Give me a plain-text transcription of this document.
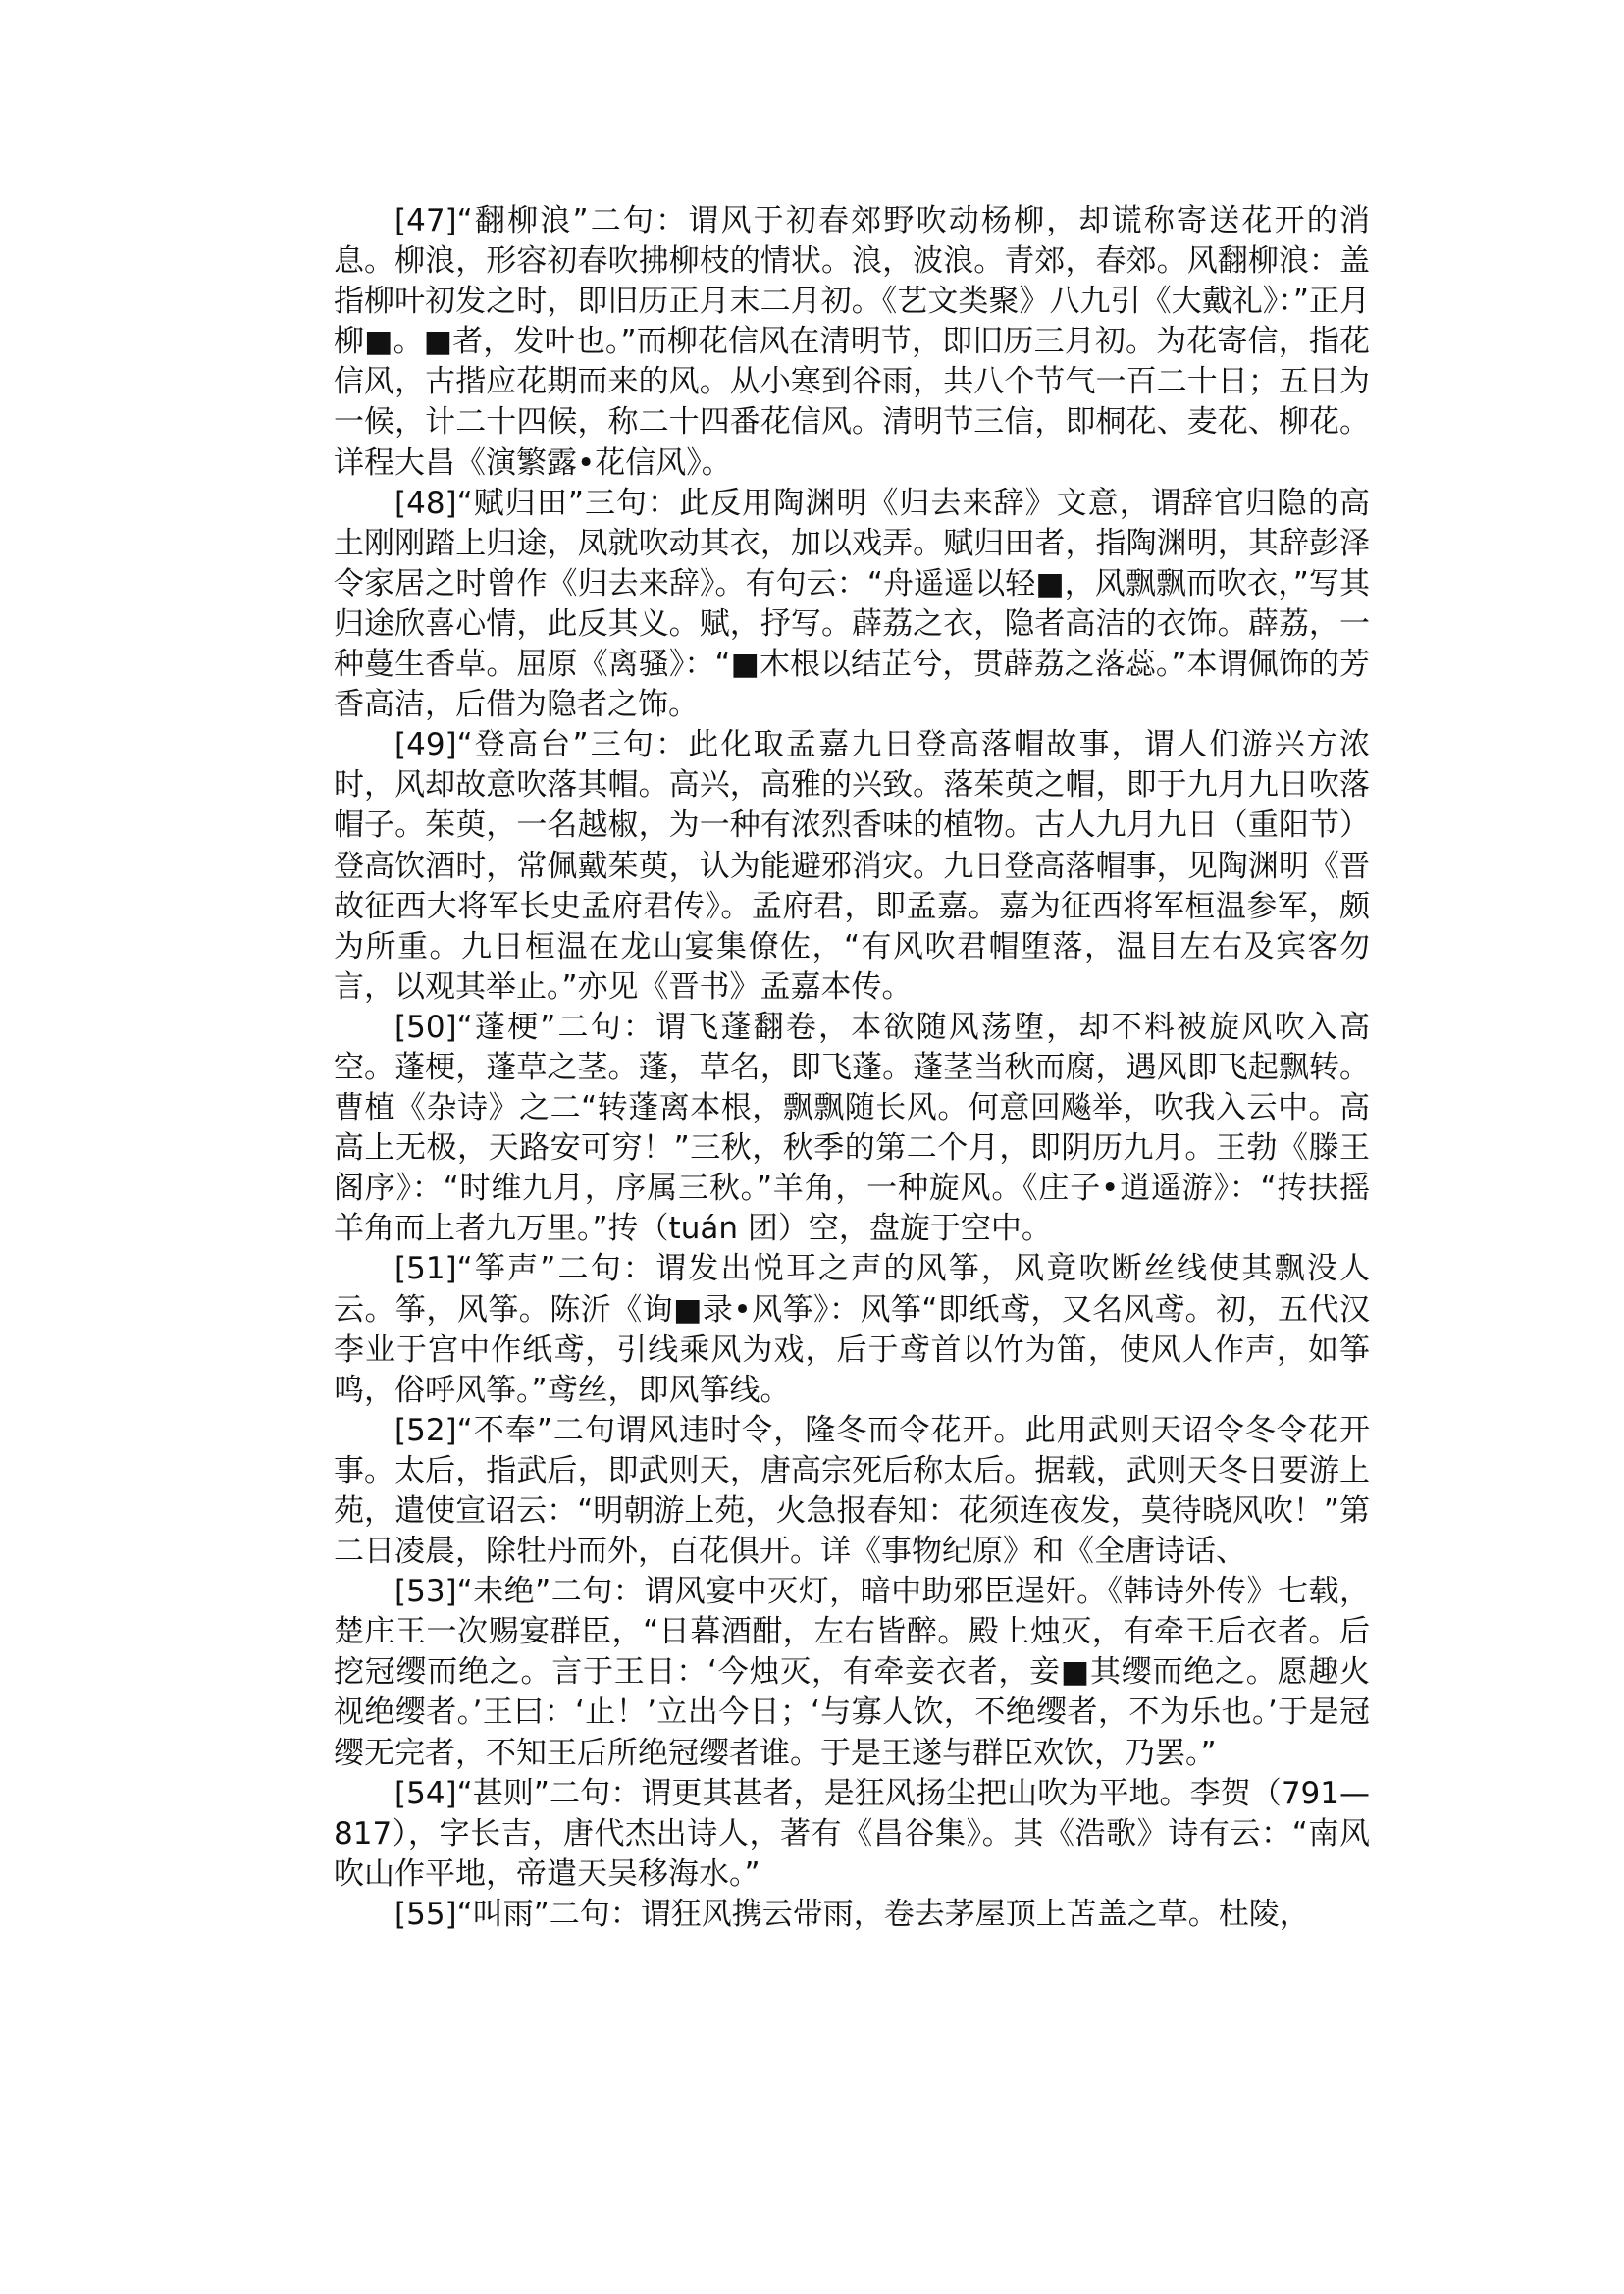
[47]“翻柳浪”二句：谓风于初春郊野吹动杨柳，却谎称寄送花开的消息。柳浪，形容初春吹拂柳枝的情状。浪，波浪。青郊，春郊。风翻柳浪：盖指柳叶初发之时，即旧历正月末二月初。《艺文类聚》八九引《大戴礼》：”正月柳■。■者，发叶也。”而柳花信风在清明节，即旧历三月初。为花寄信，指花信风，古揩应花期而来的风。从小寒到谷雨，共八个节气一百二十日；五日为一候，计二十四候，称二十四番花信风。清明节三信，即桐花、麦花、柳花。详程大昌《演繁露•花信风》。

[48]“赋归田”三句：此反用陶渊明《归去来辞》文意，谓辞官归隐的高土刚刚踏上归途，凤就吹动其衣，加以戏弄。赋归田者，指陶渊明，其辞彭泽令家居之时曾作《归去来辞》。有句云：“舟遥遥以轻■，风飘飘而吹衣，”写其归途欣喜心情，此反其义。赋，抒写。薜荔之衣，隐者高洁的衣饰。薜荔，一种蔓生香草。屈原《离骚》：“■木根以结芷兮，贯薜荔之落蕊。”本谓佩饰的芳香高洁，后借为隐者之饰。

[49]“登高台”三句：此化取孟嘉九日登高落帽故事，谓人们游兴方浓时，风却故意吹落其帽。高兴，高雅的兴致。落茱萸之帽，即于九月九日吹落帽子。茱萸，一名越椒，为一种有浓烈香味的植物。古人九月九日（重阳节）登高饮酒时，常佩戴茱萸，认为能避邪消灾。九日登高落帽事，见陶渊明《晋故征西大将军长史孟府君传》。孟府君，即孟嘉。嘉为征西将军桓温参军，颇为所重。九日桓温在龙山宴集僚佐，“有风吹君帽堕落，温目左右及宾客勿言，以观其举止。”亦见《晋书》孟嘉本传。

[50]“蓬梗”二句：谓飞蓬翻卷，本欲随风荡堕，却不料被旋风吹入高空。蓬梗，蓬草之茎。蓬，草名，即飞蓬。蓬茎当秋而腐，遇风即飞起飘转。曹植《杂诗》之二“转蓬离本根，飘飘随长风。何意回飚举，吹我入云中。高高上无极，天路安可穷！”三秋，秋季的第二个月，即阴历九月。王勃《滕王阁序》：“时维九月，序属三秋。”羊角，一种旋风。《庄子•逍遥游》：“抟扶摇羊角而上者九万里。”抟（tuán 团）空，盘旋于空中。

[51]“筝声”二句：谓发出悦耳之声的风筝，风竟吹断丝线使其飘没人云。筝，风筝。陈沂《询■录•风筝》：风筝“即纸鸢，又名风鸢。初，五代汉李业于宫中作纸鸢，引线乘风为戏，后于鸢首以竹为笛，使风人作声，如筝鸣，俗呼风筝。”鸢丝，即风筝线。

[52]“不奉”二句谓风违时令，隆冬而令花开。此用武则天诏令冬令花开事。太后，指武后，即武则天，唐高宗死后称太后。据载，武则天冬日要游上苑，遣使宣诏云：“明朝游上苑，火急报春知：花须连夜发，莫待晓风吹！”第二日凌晨，除牡丹而外，百花俱开。详《事物纪原》和《全唐诗话、

[53]“未绝”二句：谓风宴中灭灯，暗中助邪臣逞奸。《韩诗外传》七载，楚庄王一次赐宴群臣，“日暮酒酣，左右皆醉。殿上烛灭，有牵王后衣者。后挖冠缨而绝之。言于王日：‘今烛灭，有牵妾衣者，妾■其缨而绝之。愿趣火视绝缨者。’王曰：‘止！’立出今日；‘与寡人饮，不绝缨者，不为乐也。’于是冠缨无完者，不知王后所绝冠缨者谁。于是王遂与群臣欢饮，乃罢。”

[54]“甚则”二句：谓更其甚者，是狂风扬尘把山吹为平地。李贺（791—817），字长吉，唐代杰出诗人，著有《昌谷集》。其《浩歌》诗有云：“南风吹山作平地，帝遣天吴移海水。”

[55]“叫雨”二句：谓狂风携云带雨，卷去茅屋顶上苫盖之草。杜陵，
